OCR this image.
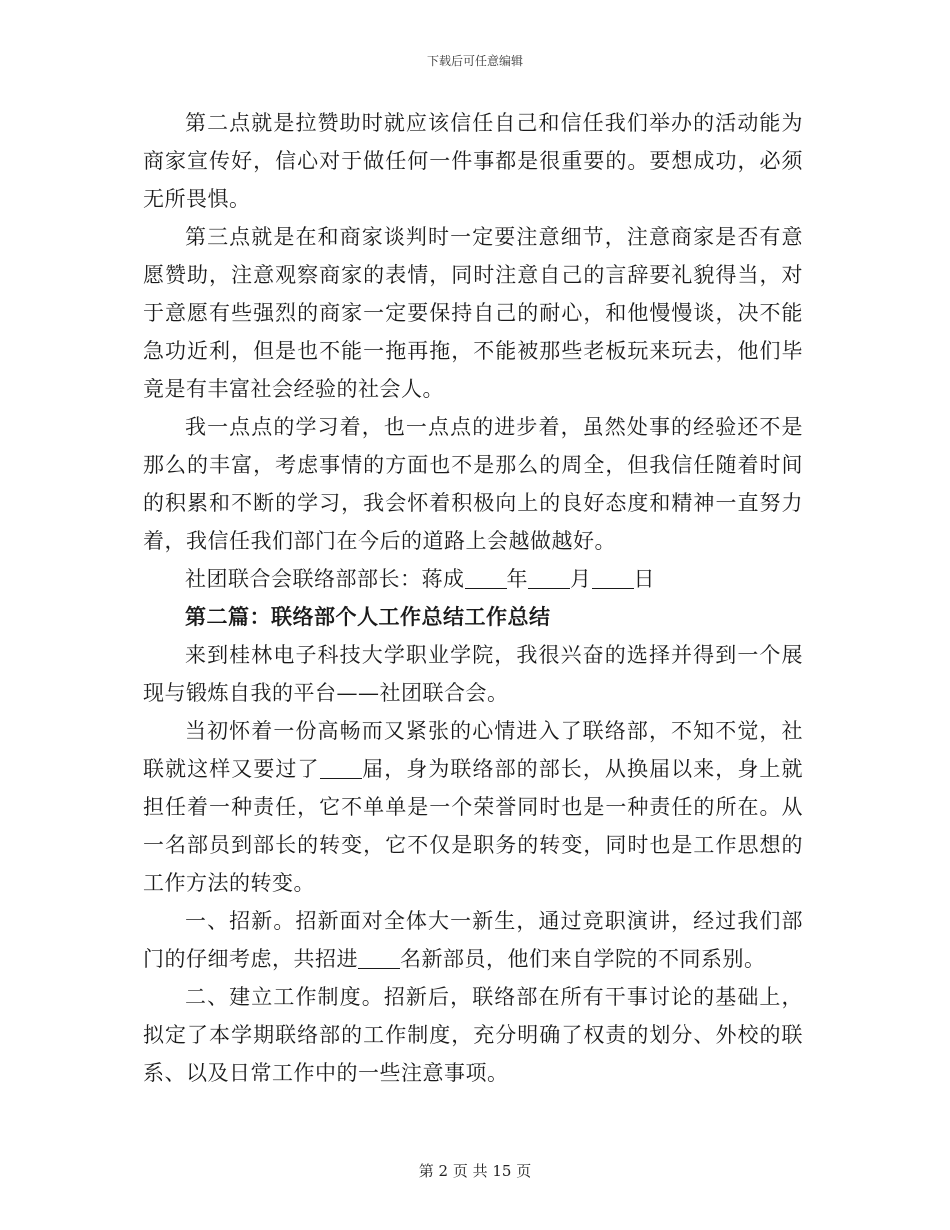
下载后可任意编辑

第二点就是拉赞助时就应该信任自己和信任我们举办的活动能为商家宣传好，信心对于做任何一件事都是很重要的。要想成功，必须无所畏惧。

第三点就是在和商家谈判时一定要注意细节，注意商家是否有意愿赞助，注意观察商家的表情，同时注意自己的言辞要礼貌得当，对于意愿有些强烈的商家一定要保持自己的耐心，和他慢慢谈，决不能急功近利，但是也不能一拖再拖，不能被那些老板玩来玩去，他们毕竟是有丰富社会经验的社会人。

我一点点的学习着，也一点点的进步着，虽然处事的经验还不是那么的丰富，考虑事情的方面也不是那么的周全，但我信任随着时间的积累和不断的学习，我会怀着积极向上的良好态度和精神一直努力着，我信任我们部门在今后的道路上会越做越好。

社团联合会联络部部长：蒋成 年 月 日

第二篇：联络部个人工作总结工作总结

来到桂林电子科技大学职业学院，我很兴奋的选择并得到一个展现与锻炼自我的平台——社团联合会。

当初怀着一份高畅而又紧张的心情进入了联络部，不知不觉，社联就这样又要过了 届，身为联络部的部长，从换届以来，身上就担任着一种责任，它不单单是一个荣誉同时也是一种责任的所在。从一名部员到部长的转变，它不仅是职务的转变，同时也是工作思想的工作方法的转变。

一、招新。招新面对全体大一新生，通过竞职演讲，经过我们部门的仔细考虑，共招进 名新部员，他们来自学院的不同系别。

二、建立工作制度。招新后，联络部在所有干事讨论的基础上，拟定了本学期联络部的工作制度，充分明确了权责的划分、外校的联系、以及日常工作中的一些注意事项。

第 2 页 共 15 页
